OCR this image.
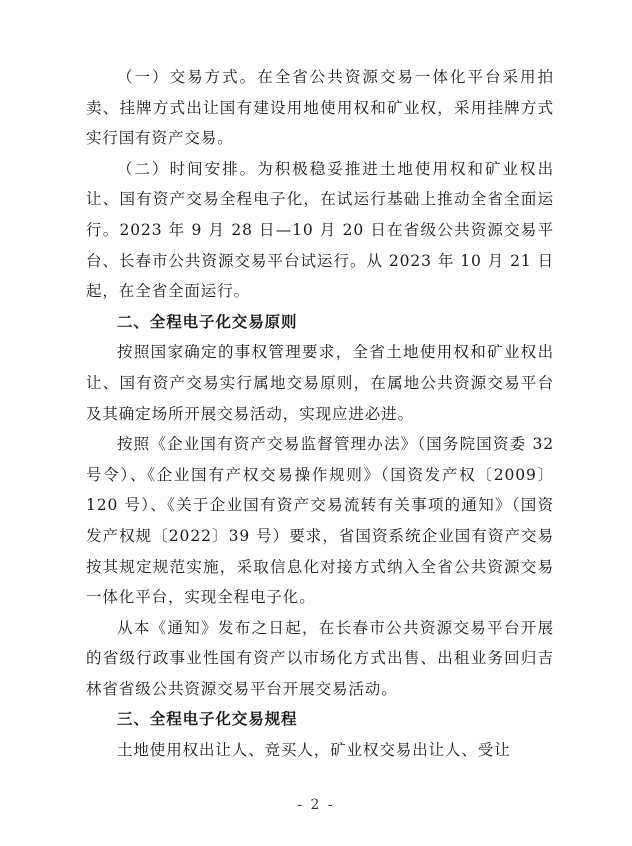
（一）交易方式。在全省公共资源交易一体化平台采用拍卖、挂牌方式出让国有建设用地使用权和矿业权，采用挂牌方式实行国有资产交易。

（二）时间安排。为积极稳妥推进土地使用权和矿业权出让、国有资产交易全程电子化，在试运行基础上推动全省全面运行。2023 年 9 月 28 日—10 月 20 日在省级公共资源交易平台、长春市公共资源交易平台试运行。从 2023 年 10 月 21 日起，在全省全面运行。

二、全程电子化交易原则

按照国家确定的事权管理要求，全省土地使用权和矿业权出让、国有资产交易实行属地交易原则，在属地公共资源交易平台及其确定场所开展交易活动，实现应进必进。

按照《企业国有资产交易监督管理办法》（国务院国资委 32 号令）、《企业国有产权交易操作规则》（国资发产权〔2009〕120 号）、《关于企业国有资产交易流转有关事项的通知》（国资发产权规〔2022〕39 号）要求，省国资系统企业国有资产交易按其规定规范实施，采取信息化对接方式纳入全省公共资源交易一体化平台，实现全程电子化。

从本《通知》发布之日起，在长春市公共资源交易平台开展的省级行政事业性国有资产以市场化方式出售、出租业务回归吉林省省级公共资源交易平台开展交易活动。

三、全程电子化交易规程

土地使用权出让人、竞买人，矿业权交易出让人、受让

- 2 -
